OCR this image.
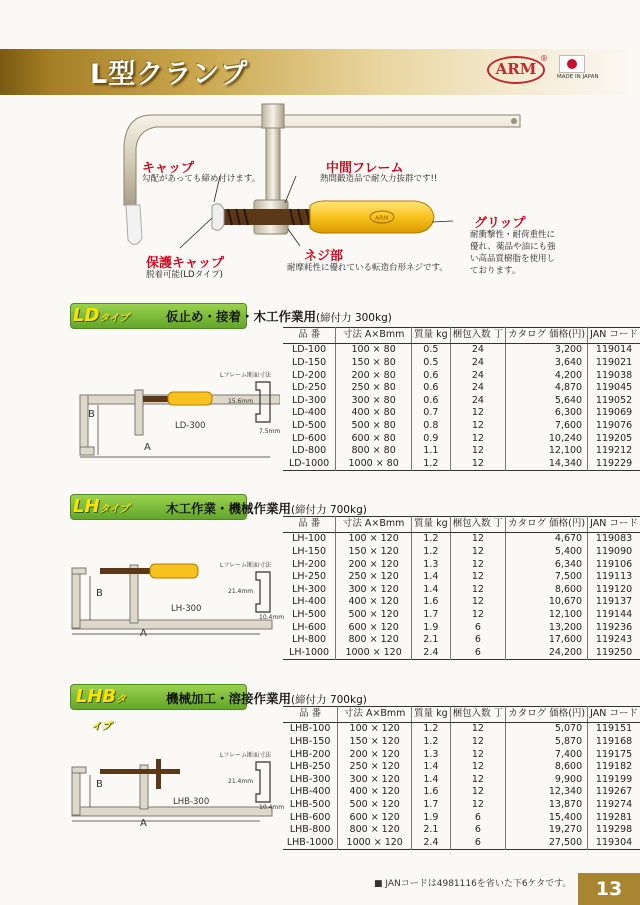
L型クランプ	ARM
®
MADE IN JAPAN
ARM
キャップ
勾配があっても締め付けます。
中間フレーム
熱間鍛造品で耐久力抜群です!!
グリップ
耐衝撃性・耐荷重性に
優れ、薬品や油にも強
い高品質樹脂を使用し
ております。
ネジ部
耐摩耗性に優れている転造台形ネジです。
保護キャップ
脱着可能(LDタイプ)
LDタイプ	仮止め・接着・木工作業用(締付力 300kg)
品 番	寸法 A×Bmm	質量 kg	梱包入数 丁	カタログ 価格(円)	JAN コード
LD-100	100 × 80	0.5	24	3,200	119014
LD-150	150 × 80	0.5	24	3,640	119021
LD-200	200 × 80	0.6	24	4,200	119038
LD-250	250 × 80	0.6	24	4,870	119045
LD-300	300 × 80	0.6	24	5,640	119052
LD-400	400 × 80	0.7	12	6,300	119069
LD-500	500 × 80	0.8	12	7,600	119076
LD-600	600 × 80	0.9	12	10,240	119205
LD-800	800 × 80	1.1	12	12,100	119212
LD-1000	1000 × 80	1.2	12	14,340	119229
B
A
LD-300
Lフレーム断面寸法
15.6mm
7.5mm
LHタイプ	木工作業・機械作業用(締付力 700kg)
品 番	寸法 A×Bmm	質量 kg	梱包入数 丁	カタログ 価格(円)	JAN コード
LH-100	100 × 120	1.2	12	4,670	119083
LH-150	150 × 120	1.2	12	5,400	119090
LH-200	200 × 120	1.3	12	6,340	119106
LH-250	250 × 120	1.4	12	7,500	119113
LH-300	300 × 120	1.4	12	8,600	119120
LH-400	400 × 120	1.6	12	10,670	119137
LH-500	500 × 120	1.7	12	12,100	119144
LH-600	600 × 120	1.9	6	13,200	119236
LH-800	800 × 120	2.1	6	17,600	119243
LH-1000	1000 × 120	2.4	6	24,200	119250
B
A
LH-300
Lフレーム断面寸法
21.4mm
10.4mm
LHBタイプ
機械加工・溶接作業用(締付力 700kg)
品 番	寸法 A×Bmm	質量 kg	梱包入数 丁	カタログ 価格(円)	JAN コード
LHB-100	100 × 120	1.2	12	5,070	119151
LHB-150	150 × 120	1.2	12	5,870	119168
LHB-200	200 × 120	1.3	12	7,400	119175
LHB-250	250 × 120	1.4	12	8,600	119182
LHB-300	300 × 120	1.4	12	9,900	119199
LHB-400	400 × 120	1.6	12	12,340	119267
LHB-500	500 × 120	1.7	12	13,870	119274
LHB-600	600 × 120	1.9	6	15,400	119281
LHB-800	800 × 120	2.1	6	19,270	119298
LHB-1000	1000 × 120	2.4	6	27,500	119304
B
A
LHB-300
Lフレーム断面寸法
21.4mm
10.4mm
■ JANコードは4981116を省いた下6ケタです。	13
